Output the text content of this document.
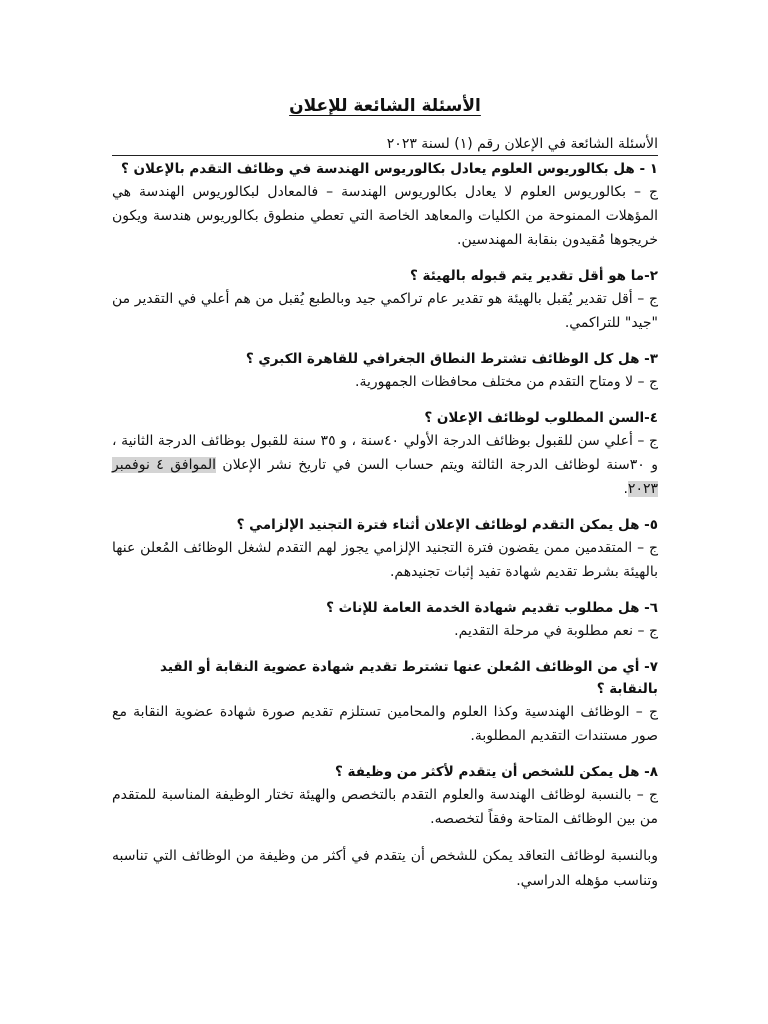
الأسئلة الشائعة للإعلان
الأسئلة الشائعة في الإعلان رقم (١) لسنة ٢٠٢٣

١ - هل بكالوريوس العلوم يعادل بكالوريوس الهندسة في وظائف التقدم بالإعلان ؟

ج – بكالوريوس العلوم لا يعادل بكالوريوس الهندسة – فالمعادل لبكالوريوس الهندسة هي المؤهلات الممنوحة من الكليات والمعاهد الخاصة التي تعطي منطوق بكالوريوس هندسة ويكون خريجوها مُقيدون بنقابة المهندسين.

٢-ما هو أقل تقدير يتم قبوله بالهيئة ؟

ج – أقل تقدير يُقبل بالهيئة هو تقدير عام تراكمي جيد وبالطبع يُقبل من هم أعلي في التقدير من "جيد" للتراكمي.

٣- هل كل الوظائف تشترط النطاق الجغرافي للقاهرة الكبري ؟

ج – لا ومتاح التقدم من مختلف محافظات الجمهورية.

٤-السن المطلوب لوظائف الإعلان ؟

ج – أعلي سن للقبول بوظائف الدرجة الأولي ٤٠سنة ، و ٣٥ سنة للقبول بوظائف الدرجة الثانية ، و ٣٠سنة لوظائف الدرجة الثالثة ويتم حساب السن في تاريخ نشر الإعلان الموافق ٤ نوفمبر ٢٠٢٣.

٥- هل يمكن التقدم لوظائف الإعلان أثناء فترة التجنيد الإلزامي ؟

ج – المتقدمين ممن يقضون فترة التجنيد الإلزامي يجوز لهم التقدم لشغل الوظائف المُعلن عنها بالهيئة بشرط تقديم شهادة تفيد إثبات تجنيدهم.

٦- هل مطلوب تقديم شهادة الخدمة العامة للإناث ؟

ج – نعم مطلوبة في مرحلة التقديم.

٧- أي من الوظائف المُعلن عنها تشترط تقديم شهادة عضوية النقابة أو القيد بالنقابة ؟

ج – الوظائف الهندسية وكذا العلوم والمحامين تستلزم تقديم صورة شهادة عضوية النقابة مع صور مستندات التقديم المطلوبة.

٨- هل يمكن للشخص أن يتقدم لأكثر من وظيفة ؟

ج – بالنسبة لوظائف الهندسة والعلوم التقدم بالتخصص والهيئة تختار الوظيفة المناسبة للمتقدم من بين الوظائف المتاحة وفقاً لتخصصه.

وبالنسبة لوظائف التعاقد يمكن للشخص أن يتقدم في أكثر من وظيفة من الوظائف التي تناسبه وتناسب مؤهله الدراسي.
